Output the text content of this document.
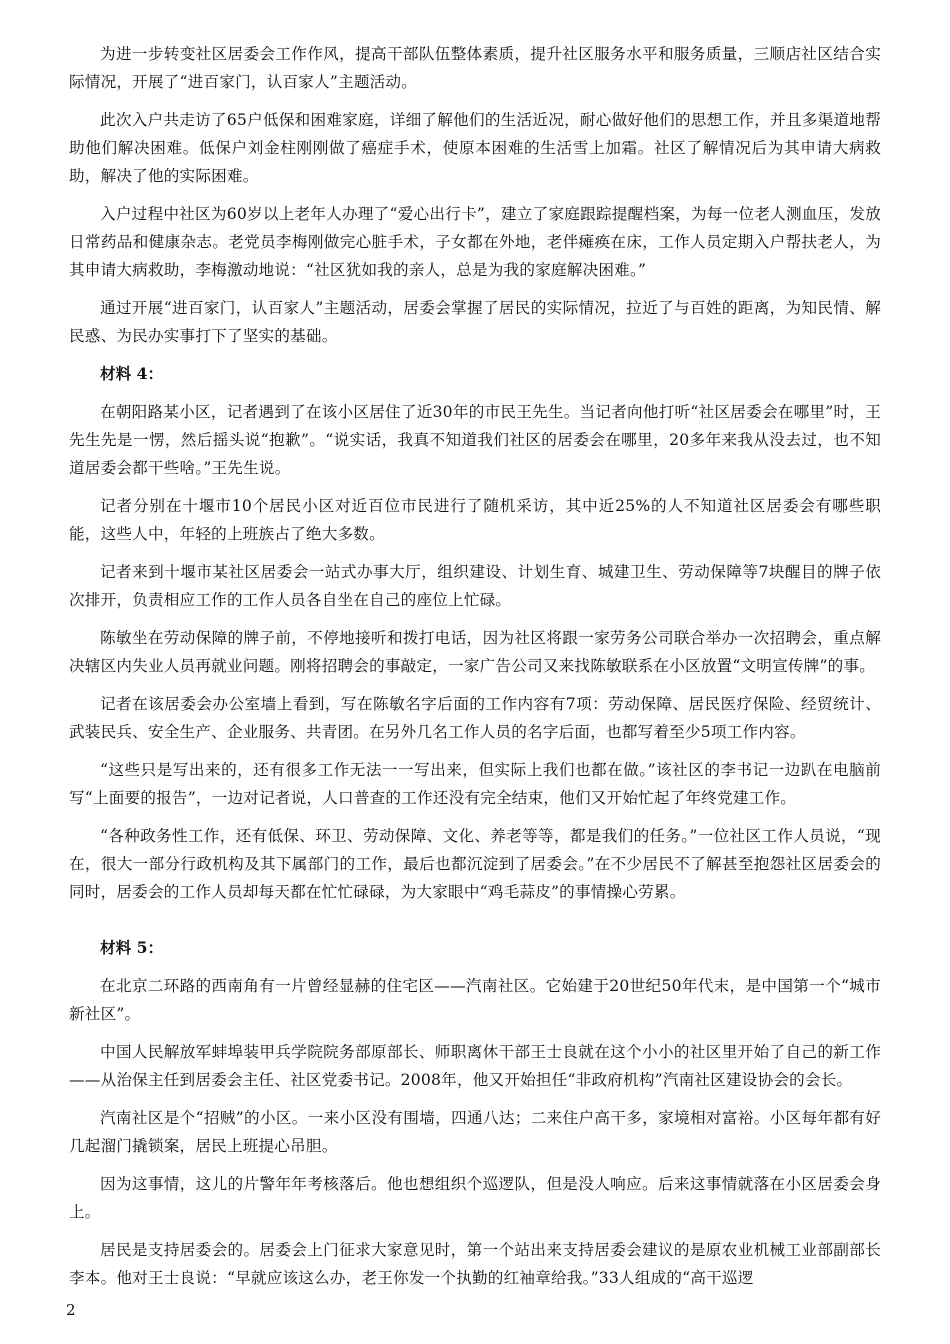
为进一步转变社区居委会工作作风，提高干部队伍整体素质，提升社区服务水平和服务质量，三顺店社区结合实际情况，开展了“进百家门，认百家人”主题活动。

此次入户共走访了65户低保和困难家庭，详细了解他们的生活近况，耐心做好他们的思想工作，并且多渠道地帮助他们解决困难。低保户刘金柱刚刚做了癌症手术，使原本困难的生活雪上加霜。社区了解情况后为其申请大病救助，解决了他的实际困难。

入户过程中社区为60岁以上老年人办理了“爱心出行卡”，建立了家庭跟踪提醒档案，为每一位老人测血压，发放日常药品和健康杂志。老党员李梅刚做完心脏手术，子女都在外地，老伴瘫痪在床，工作人员定期入户帮扶老人，为其申请大病救助，李梅激动地说：“社区犹如我的亲人，总是为我的家庭解决困难。”

通过开展“进百家门，认百家人”主题活动，居委会掌握了居民的实际情况，拉近了与百姓的距离，为知民情、解民惑、为民办实事打下了坚实的基础。

材料 4：

在朝阳路某小区，记者遇到了在该小区居住了近30年的市民王先生。当记者向他打听“社区居委会在哪里”时，王先生先是一愣，然后摇头说“抱歉”。“说实话，我真不知道我们社区的居委会在哪里，20多年来我从没去过，也不知道居委会都干些啥。”王先生说。

记者分别在十堰市10个居民小区对近百位市民进行了随机采访，其中近25%的人不知道社区居委会有哪些职能，这些人中，年轻的上班族占了绝大多数。

记者来到十堰市某社区居委会一站式办事大厅，组织建设、计划生育、城建卫生、劳动保障等7块醒目的牌子依次排开，负责相应工作的工作人员各自坐在自己的座位上忙碌。

陈敏坐在劳动保障的牌子前，不停地接听和拨打电话，因为社区将跟一家劳务公司联合举办一次招聘会，重点解决辖区内失业人员再就业问题。刚将招聘会的事敲定，一家广告公司又来找陈敏联系在小区放置“文明宣传牌”的事。

记者在该居委会办公室墙上看到，写在陈敏名字后面的工作内容有7项：劳动保障、居民医疗保险、经贸统计、武装民兵、安全生产、企业服务、共青团。在另外几名工作人员的名字后面，也都写着至少5项工作内容。

“这些只是写出来的，还有很多工作无法一一写出来，但实际上我们也都在做。”该社区的李书记一边趴在电脑前写“上面要的报告”，一边对记者说，人口普查的工作还没有完全结束，他们又开始忙起了年终党建工作。

“各种政务性工作，还有低保、环卫、劳动保障、文化、养老等等，都是我们的任务。”一位社区工作人员说，“现在，很大一部分行政机构及其下属部门的工作，最后也都沉淀到了居委会。”在不少居民不了解甚至抱怨社区居委会的同时，居委会的工作人员却每天都在忙忙碌碌，为大家眼中“鸡毛蒜皮”的事情操心劳累。

材料 5：

在北京二环路的西南角有一片曾经显赫的住宅区——汽南社区。它始建于20世纪50年代末，是中国第一个“城市新社区”。

中国人民解放军蚌埠装甲兵学院院务部原部长、师职离休干部王士良就在这个小小的社区里开始了自己的新工作——从治保主任到居委会主任、社区党委书记。2008年，他又开始担任“非政府机构”汽南社区建设协会的会长。

汽南社区是个“招贼”的小区。一来小区没有围墙，四通八达；二来住户高干多，家境相对富裕。小区每年都有好几起溜门撬锁案，居民上班提心吊胆。

因为这事情，这儿的片警年年考核落后。他也想组织个巡逻队，但是没人响应。后来这事情就落在小区居委会身上。

居民是支持居委会的。居委会上门征求大家意见时，第一个站出来支持居委会建议的是原农业机械工业部副部长李本。他对王士良说：“早就应该这么办，老王你发一个执勤的红袖章给我。”33人组成的“高干巡逻

2
